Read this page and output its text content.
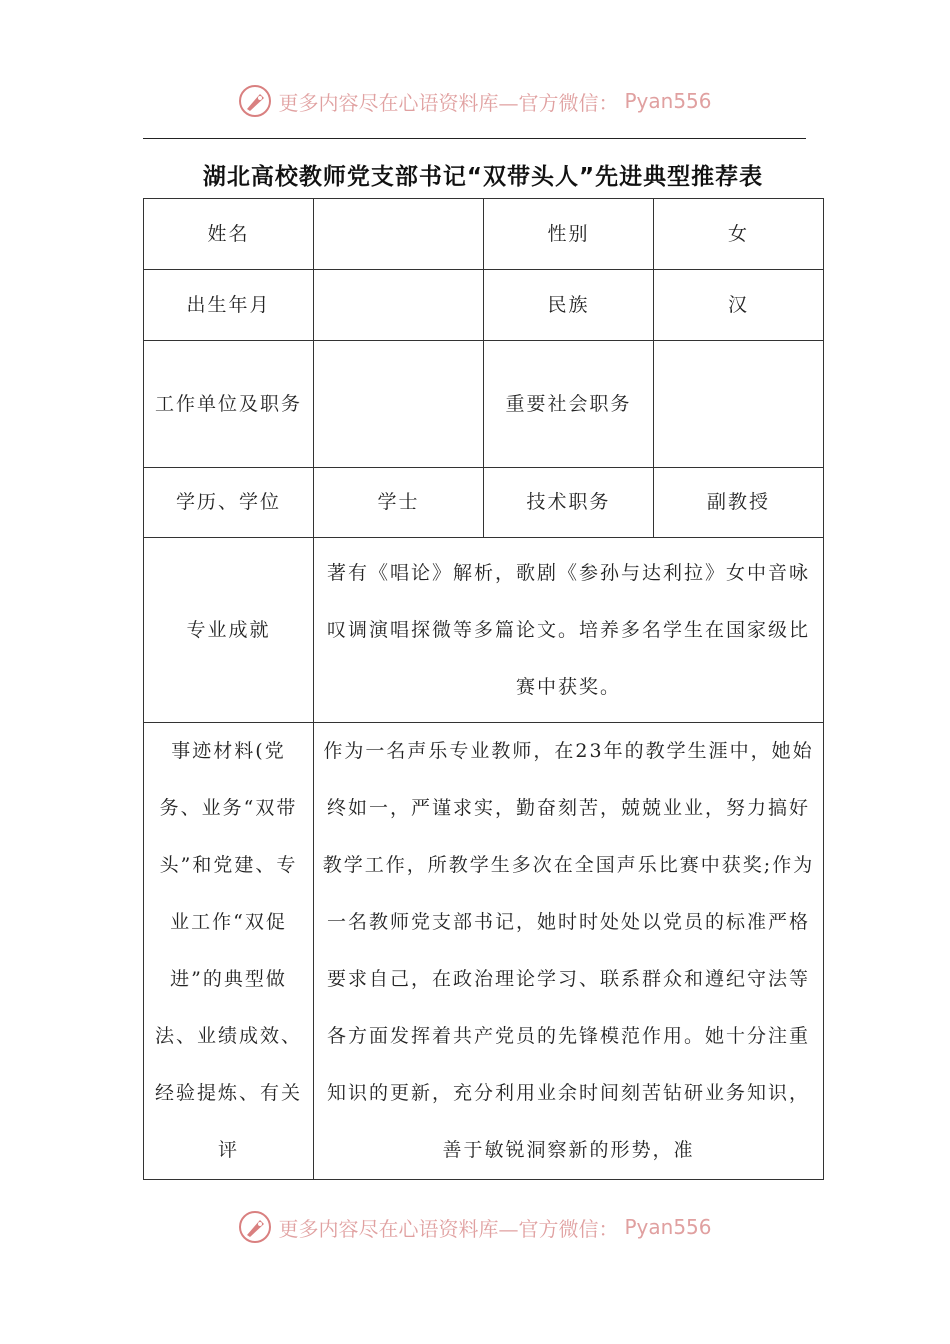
更多内容尽在心语资料库—官方微信： Pyan556
湖北高校教师党支部书记“双带头人”先进典型推荐表
姓名		性别	女
出生年月		民族	汉
工作单位及职务		重要社会职务	
学历、学位	学士	技术职务	副教授
专业成就	著有《唱论》解析，歌剧《参孙与达利拉》女中音咏叹调演唱探微等多篇论文。培养多名学生在国家级比赛中获奖。		
事迹材料(党务、业务“双带头”和党建、专业工作“双促进”的典型做法、业绩成效、经验提炼、有关评	作为一名声乐专业教师，在23年的教学生涯中，她始终如一，严谨求实，勤奋刻苦，兢兢业业，努力搞好教学工作，所教学生多次在全国声乐比赛中获奖;作为一名教师党支部书记，她时时处处以党员的标准严格要求自己，在政治理论学习、联系群众和遵纪守法等各方面发挥着共产党员的先锋模范作用。她十分注重知识的更新，充分利用业余时间刻苦钻研业务知识，善于敏锐洞察新的形势，准		
更多内容尽在心语资料库—官方微信： Pyan556
